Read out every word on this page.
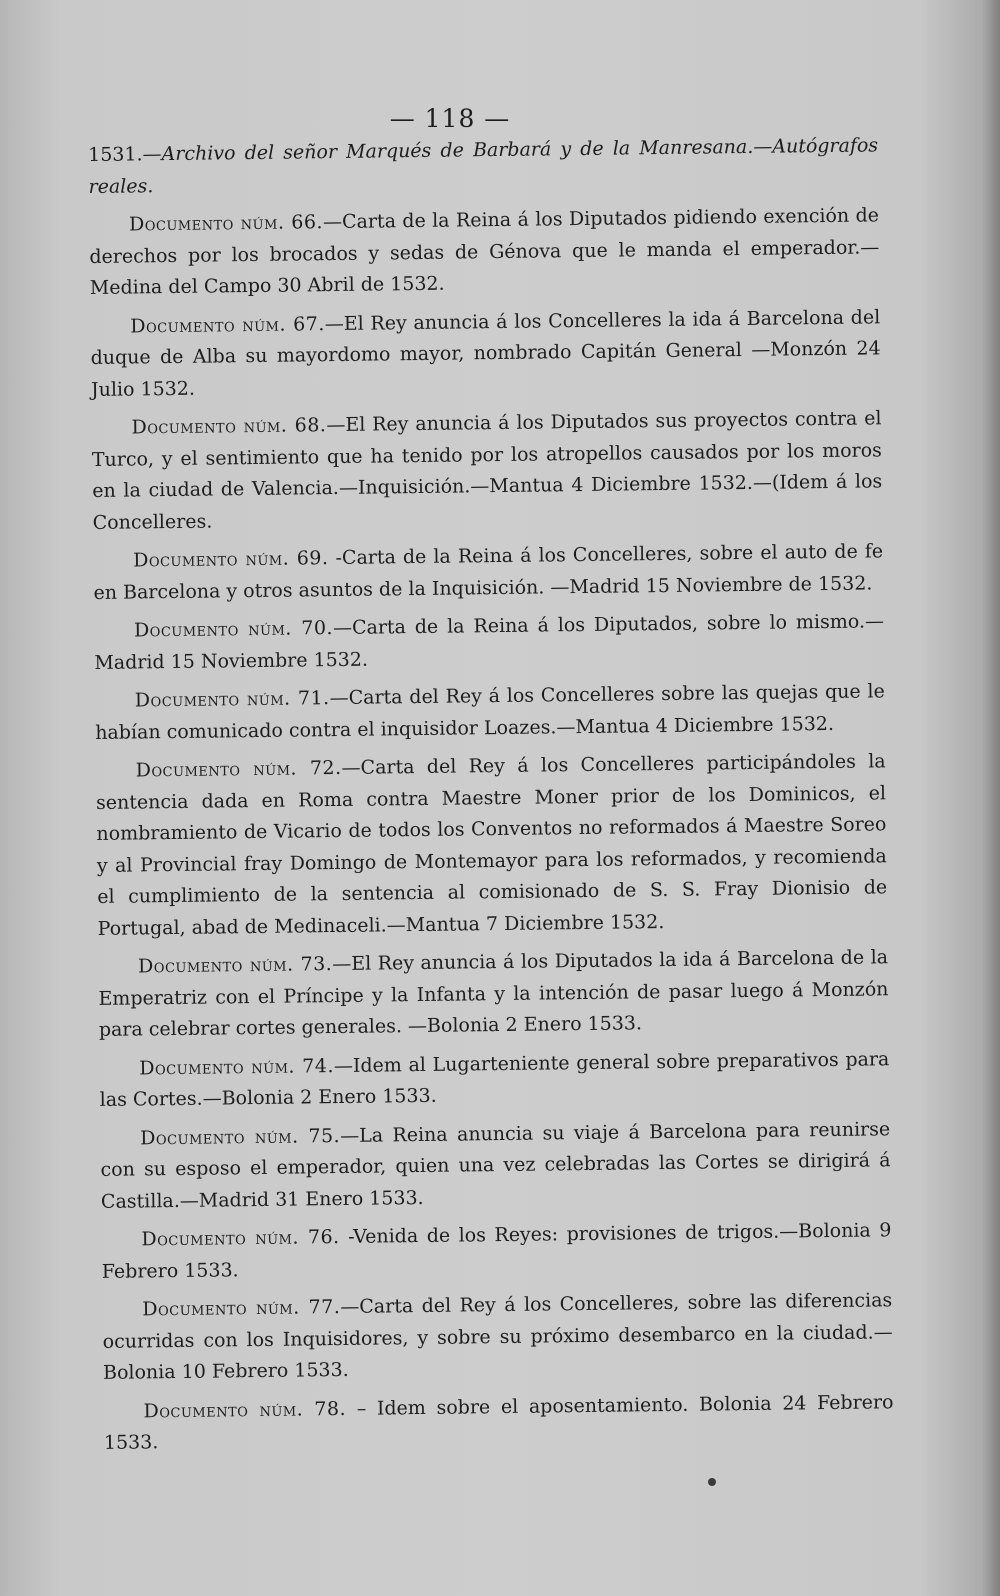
— 118 —

1531.—Archivo del señor Marqués de Barbará y de la Manresana.—Autógrafos reales.

Documento núm. 66.—Carta de la Reina á los Diputados pidiendo exención de derechos por los brocados y sedas de Génova que le manda el emperador.—Medina del Campo 30 Abril de 1532.

Documento núm. 67.—El Rey anuncia á los Concelleres la ida á Barcelona del duque de Alba su mayordomo mayor, nombrado Capitán General —Monzón 24 Julio 1532.

Documento núm. 68.—El Rey anuncia á los Diputados sus proyectos contra el Turco, y el sentimiento que ha tenido por los atropellos causados por los moros en la ciudad de Valencia.—Inquisición.—Mantua 4 Diciembre 1532.—(Idem á los Concelleres.

Documento núm. 69. -Carta de la Reina á los Concelleres, sobre el auto de fe en Barcelona y otros asuntos de la Inquisición. —Madrid 15 Noviembre de 1532.

Documento núm. 70.—Carta de la Reina á los Diputados, sobre lo mismo.—Madrid 15 Noviembre 1532.

Documento núm. 71.—Carta del Rey á los Concelleres sobre las quejas que le habían comunicado contra el inquisidor Loazes.—Mantua 4 Diciembre 1532.

Documento núm. 72.—Carta del Rey á los Concelleres participándoles la sentencia dada en Roma contra Maestre Moner prior de los Dominicos, el nombramiento de Vicario de todos los Conventos no reformados á Maestre Soreo y al Provincial fray Domingo de Montemayor para los reformados, y recomienda el cumplimiento de la sentencia al comisionado de S. S. Fray Dionisio de Portugal, abad de Medinaceli.—Mantua 7 Diciembre 1532.

Documento núm. 73.—El Rey anuncia á los Diputados la ida á Barcelona de la Emperatriz con el Príncipe y la Infanta y la intención de pasar luego á Monzón para celebrar cortes generales. —Bolonia 2 Enero 1533.

Documento núm. 74.—Idem al Lugarteniente general sobre preparativos para las Cortes.—Bolonia 2 Enero 1533.

Documento núm. 75.—La Reina anuncia su viaje á Barcelona para reunirse con su esposo el emperador, quien una vez celebradas las Cortes se dirigirá á Castilla.—Madrid 31 Enero 1533.

Documento núm. 76. -Venida de los Reyes: provisiones de trigos.—Bolonia 9 Febrero 1533.

Documento núm. 77.—Carta del Rey á los Concelleres, sobre las diferencias ocurridas con los Inquisidores, y sobre su próximo desembarco en la ciudad.—Bolonia 10 Febrero 1533.

Documento núm. 78. – Idem sobre el aposentamiento. Bolonia 24 Febrero 1533.
